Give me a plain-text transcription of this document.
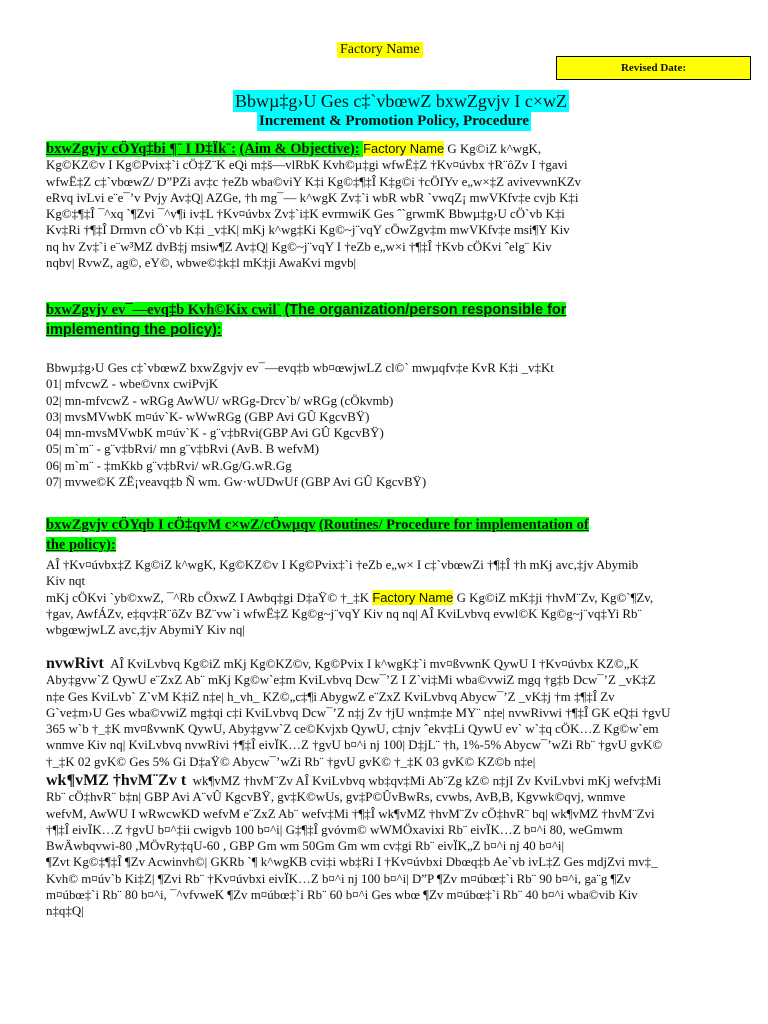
Factory Name
Revised Date:
Bbwµ‡g›U Ges c‡`vbœwZ bxwZgvjv I c×wZ
Increment & Promotion Policy, Procedure
bxwZgvjv cÖYq‡bi ¶¨ I D‡Ïk¨: (Aim & Objective): Factory Name G Kg©iZ k^wgK,
Kg©KZ©v I Kg©Pvix‡`i cÖ‡Z¨K eQi m‡š—vlRbK Kvh©µ‡gi wfwË‡Z †Kv¤úvbx †R¨ôZv I †gavi
wfwË‡Z c‡`vbœwZ/ D”PZi av‡c †eZb wba©viY K‡i Kg©‡¶‡Î K‡g©i †cÖIYv e„w×‡Z avivevwnKZv
eRvq ivLvi e¨e¯’v Pvjy Av‡Q| AZGe, †h mg¯— k^wgK Zv‡`i wbR wbR `vwqZ¡ mwVKfv‡e cvjb K‡i
Kg©‡¶‡Î ¯^xq `¶Zvi ¯^v¶i iv‡L †Kv¤úvbx Zv‡`i‡K evrmwiK Ges ˆ`grwmK Bbwµ‡g›U cÖ`vb K‡i
Kv‡Ri †¶‡Î Drmvn cÖ`vb K‡i _v‡K| mKj k^wg‡Ki Kg©~j¨vqY cÖwZgv‡m mwVKfv‡e msi¶Y Kiv
nq hv Zv‡`i e¨w³MZ dvB‡j msiw¶Z Av‡Q| Kg©~j¨vqY I †eZb e„w×i †¶‡Î †Kvb cÖKvi ˆelg¨ Kiv
nqbv| RvwZ, ag©, eY©, wbwe©‡k‡l mK‡ji AwaKvi mgvb|
bxwZgvjv ev¯—evq‡b Kvh©Kix cwil` (The organization/person responsible for
implementing the policy):
Bbwµ‡g›U Ges c‡`vbœwZ bxwZgvjv ev¯—evq‡b wb¤œwjwLZ cl©` mwµqfv‡e KvR K‡i _v‡Kt
01| mfvcwZ - wbe©vnx cwiPvjK
02| mn-mfvcwZ - wRGg AwWU/ wRGg-Drcv`b/ wRGg (cÖkvmb)
03| mvsMVwbK m¤úv`K- wWwRGg (GBP Avi GÛ KgcvBŸ)
04| mn-mvsMVwbK m¤úv`K - g¨v‡bRvi(GBP Avi GÛ KgcvBŸ)
05| m`m¨ - g¨v‡bRvi/ mn g¨v‡bRvi (AvB. B wefvM)
06| m`m¨ - ‡mKkb g¨v‡bRvi/ wR.Gg/G.wR.Gg
07| mvwe©K ZË¡veavq‡b Ñ wm. Gw·wUDwUf (GBP Avi GÛ KgcvBŸ)
bxwZgvjv cÖYqb I cÖ‡qvM c×wZ/cÖwµqv (Routines/ Procedure for implementation of
the policy):
AÎ †Kv¤úvbx‡Z Kg©iZ k^wgK, Kg©KZ©v I Kg©Pvix‡`i †eZb e„w× I c‡`vbœwZi †¶‡Î †h mKj avc,‡jv Abymib
Kiv nqt
mKj cÖKvi `yb©xwZ, ¯^Rb cÖxwZ I Awbq‡gi D‡aŸ© †_‡K Factory Name G Kg©iZ mK‡ji †hvM¨Zv, Kg©`¶Zv,
†gav, AwfÁZv, e‡qv‡R¨ôZv BZ¨vw`i wfwË‡Z Kg©g~j¨vqY Kiv nq nq| AÎ KviLvbvq evwl©K Kg©g~j¨vq‡Yi Rb¨
wbgœwjwLZ avc,‡jv AbymiY Kiv nq|
nvwRivt AÎ KviLvbvq Kg©iZ mKj Kg©KZ©v, Kg©Pvix I k^wgK‡`i mv¤ßvwnK QywU I †Kv¤úvbx KZ©„K
Aby‡gvw`Z QywU e¨ZxZ Ab¨ mKj Kg©w`e‡m KviLvbvq Dcw¯’Z I Z`vi‡Mi wba©vwiZ mgq †g‡b Dcw¯’Z _vK‡Z
n‡e Ges KviLvb` Z`vM K‡iZ n‡e| h_vh_ KZ©„c‡¶i AbygwZ e¨ZxZ KviLvbvq Abycw¯’Z _vK‡j †m ‡¶‡Î Zv
G`ve‡m›U Ges wba©vwiZ mg‡qi c‡i KviLvbvq Dcw¯’Z n‡j Zv †jU wn‡m‡e MY¨ n‡e| nvwRivwi †¶‡Î GK eQ‡i †gvU
365 w`b †_‡K mv¤ßvwnK QywU, Aby‡gvw`Z ce©Kvjxb QywU, c‡njv ˆekv‡Li QywU ev` w`‡q cÖK…Z Kg©w`em
wnmve Kiv nq| KviLvbvq nvwRivi †¶‡Î eivÏK…Z †gvU b¤^i nj 100| D‡jL¨ †h, 1%-5% Abycw¯’wZi Rb¨ †gvU gvK©
†_‡K 02 gvK© Ges 5% Gi D‡aŸ© Abycw¯’wZi Rb¨ †gvU gvK© †_‡K 03 gvK© KZ©b n‡e|
wk¶vMZ †hvM¨Zv t wk¶vMZ †hvM¨Zv AÎ KviLvbvq wb‡qv‡Mi Ab¨Zg kZ© n‡jI Zv KviLvbvi mKj wefv‡Mi
Rb¨ cÖ‡hvR¨ b‡n| GBP Avi A¨vÛ KgcvBŸ, gv‡K©wUs, gv‡P©ÛvBwRs, cvwbs, AvB,B, Kgvwk©qvj, wnmve
wefvM, AwWU I wRwcwKD wefvM e¨ZxZ Ab¨ wefv‡Mi †¶‡Î wk¶vMZ †hvM¨Zv cÖ‡hvR¨ bq| wk¶vMZ †hvM¨Zvi
†¶‡Î eivÏK…Z †gvU b¤^‡ii cwigvb 100 b¤^i| G‡¶‡Î gvóvm© wWMÖxavixi Rb¨ eivÏK…Z b¤^i 80, weGmwm
BwÄwbqvwi-80 ,MÖvRy‡qU-60 , GBP Gm wm 50Gm Gm wm cv‡gi Rb¨ eivÏK„Z b¤^i nj 40 b¤^i|
¶Zvt Kg©‡¶‡Î ¶Zv Acwinvh©| GKRb `¶ k^wgKB cvi‡i wb‡Ri I †Kv¤úvbxi Dbœq‡b Ae`vb ivL‡Z Ges mdjZvi mv‡_
Kvh© m¤úv`b Ki‡Z| ¶Zvi Rb¨ †Kv¤úvbxi eivÏK…Z b¤^i nj 100 b¤^i| D”P ¶Zv m¤úbœ‡`i Rb¨ 90 b¤^i, ga¨g ¶Zv
m¤úbœ‡`i Rb¨ 80 b¤^i, ¯^vfvweK ¶Zv m¤úbœ‡`i Rb¨ 60 b¤^i Ges wbœ ¶Zv m¤úbœ‡`i Rb¨ 40 b¤^i wba©vib Kiv
n‡q‡Q|
